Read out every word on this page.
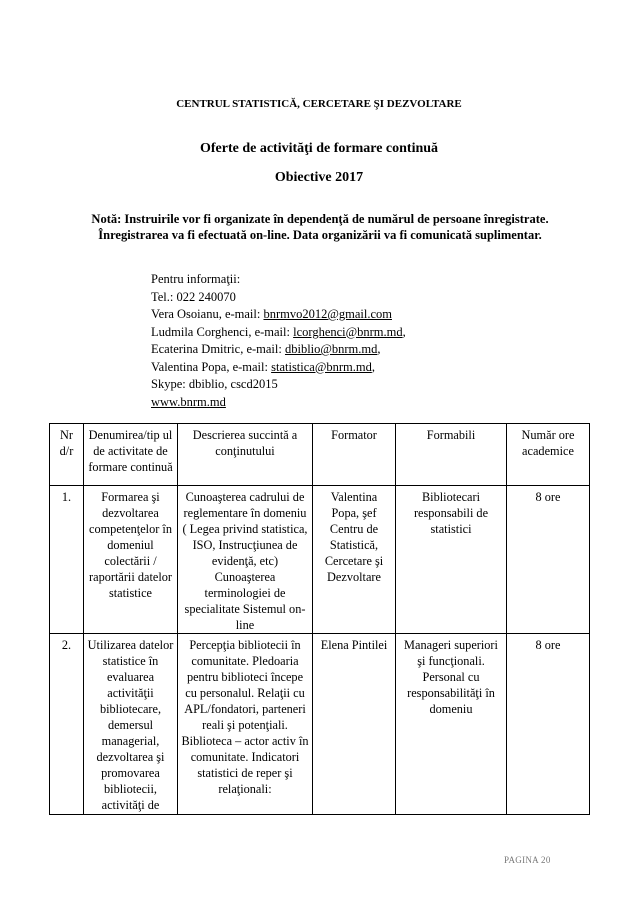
CENTRUL STATISTICĂ, CERCETARE ŞI DEZVOLTARE
Oferte de activităţi de formare continuă
Obiective 2017
Notă: Instruirile vor fi organizate în dependenţă de numărul de persoane înregistrate. Înregistrarea va fi efectuată on-line. Data organizării va fi comunicată suplimentar.
Pentru informaţii:
Tel.: 022 240070
Vera Osoianu, e-mail: bnrmvo2012@gmail.com
Ludmila Corghenci, e-mail: lcorghenci@bnrm.md,
Ecaterina Dmitric, e-mail: dbiblio@bnrm.md,
Valentina Popa, e-mail: statistica@bnrm.md,
Skype: dbiblio, cscd2015
www.bnrm.md
Nr d/r	Denumirea/tip ul de activitate de formare continuă	Descrierea succintă a conţinutului	Formator	Formabili	Număr ore academice
1.	Formarea şi dezvoltarea competenţelor în domeniul colectării / raportării datelor statistice	Cunoaşterea cadrului de reglementare în domeniu ( Legea privind statistica, ISO, Instrucţiunea de evidenţă, etc) Cunoaşterea terminologiei de specialitate Sistemul on-line	Valentina Popa, şef Centru de Statistică, Cercetare şi Dezvoltare	Bibliotecari responsabili de statistici	8 ore
2.	Utilizarea datelor statistice în evaluarea activităţii bibliotecare, demersul managerial, dezvoltarea şi promovarea bibliotecii, activităţi de	Percepţia bibliotecii în comunitate. Pledoaria pentru biblioteci începe cu personalul. Relaţii cu APL/fondatori, parteneri reali şi potenţiali. Biblioteca – actor activ în comunitate. Indicatori statistici de reper şi relaţionali:	Elena Pintilei	Manageri superiori şi funcţionali. Personal cu responsabilităţi în domeniu	8 ore
PAGINA 20
